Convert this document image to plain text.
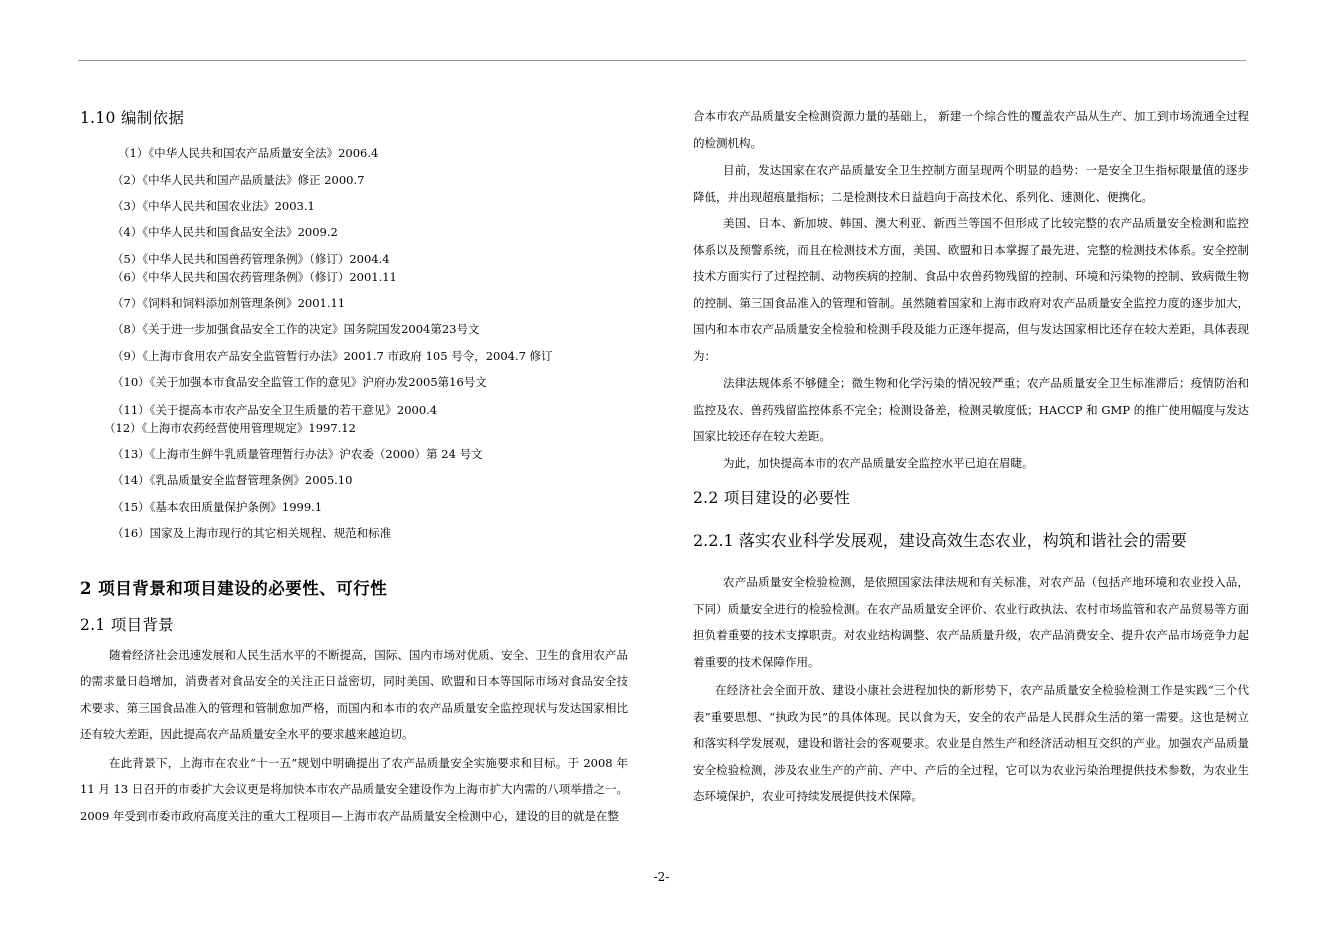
1.10 编制依据
（1）《中华人民共和国农产品质量安全法》2006.4
（2）《中华人民共和国产品质量法》修正 2000.7
（3）《中华人民共和国农业法》2003.1
（4）《中华人民共和国食品安全法》2009.2
（5）《中华人民共和国兽药管理条例》（修订）2004.4
（6）《中华人民共和国农药管理条例》（修订）2001.11
（7）《饲料和饲料添加剂管理条例》2001.11
（8）《关于进一步加强食品安全工作的决定》国务院国发2004第23号文
（9）《上海市食用农产品安全监管暂行办法》2001.7 市政府 105 号令，2004.7 修订
（10）《关于加强本市食品安全监管工作的意见》沪府办发2005第16号文
（11）《关于提高本市农产品安全卫生质量的若干意见》2000.4
（12）《上海市农药经营使用管理规定》1997.12
（13）《上海市生鲜牛乳质量管理暂行办法》沪农委（2000）第 24 号文
（14）《乳品质量安全监督管理条例》2005.10
（15）《基本农田质量保护条例》1999.1
（16）国家及上海市现行的其它相关规程、规范和标准
2 项目背景和项目建设的必要性、可行性
2.1 项目背景
随着经济社会迅速发展和人民生活水平的不断提高，国际、国内市场对优质、安全、卫生的食用农产品的需求量日趋增加，消费者对食品安全的关注正日益密切，同时美国、欧盟和日本等国际市场对食品安全技术要求、第三国食品准入的管理和管制愈加严格，而国内和本市的农产品质量安全监控现状与发达国家相比还有较大差距，因此提高农产品质量安全水平的要求越来越迫切。
在此背景下，上海市在农业“十一五”规划中明确提出了农产品质量安全实施要求和目标。于 2008 年 11 月 13 日召开的市委扩大会议更是将加快本市农产品质量安全建设作为上海市扩大内需的八项举措之一。2009 年受到市委市政府高度关注的重大工程项目—上海市农产品质量安全检测中心，建设的目的就是在整
合本市农产品质量安全检测资源力量的基础上， 新建一个综合性的覆盖农产品从生产、加工到市场流通全过程的检测机构。
目前，发达国家在农产品质量安全卫生控制方面呈现两个明显的趋势：一是安全卫生指标限量值的逐步降低，并出现超痕量指标；二是检测技术日益趋向于高技术化、系列化、速测化、便携化。
美国、日本、新加坡、韩国、澳大利亚、新西兰等国不但形成了比较完整的农产品质量安全检测和监控体系以及预警系统，而且在检测技术方面，美国、欧盟和日本掌握了最先进、完整的检测技术体系。安全控制技术方面实行了过程控制、动物疾病的控制、食品中农兽药物残留的控制、环境和污染物的控制、致病微生物的控制、第三国食品准入的管理和管制。虽然随着国家和上海市政府对农产品质量安全监控力度的逐步加大，国内和本市农产品质量安全检验和检测手段及能力正逐年提高，但与发达国家相比还存在较大差距，具体表现为：
法律法规体系不够健全；微生物和化学污染的情况较严重；农产品质量安全卫生标准滞后；疫情防治和监控及农、兽药残留监控体系不完全；检测设备差，检测灵敏度低；HACCP 和 GMP 的推广使用幅度与发达国家比较还存在较大差距。
为此，加快提高本市的农产品质量安全监控水平已迫在眉睫。
2.2 项目建设的必要性
2.2.1 落实农业科学发展观，建设高效生态农业，构筑和谐社会的需要
农产品质量安全检验检测，是依照国家法律法规和有关标准，对农产品（包括产地环境和农业投入品，下同）质量安全进行的检验检测。在农产品质量安全评价、农业行政执法、农村市场监管和农产品贸易等方面担负着重要的技术支撑职责。对农业结构调整、农产品质量升级，农产品消费安全、提升农产品市场竞争力起着重要的技术保障作用。
在经济社会全面开放、建设小康社会进程加快的新形势下，农产品质量安全检验检测工作是实践“三个代表”重要思想、“执政为民”的具体体现。民以食为天，安全的农产品是人民群众生活的第一需要。这也是树立和落实科学发展观，建设和谐社会的客观要求。农业是自然生产和经济活动相互交织的产业。加强农产品质量安全检验检测，涉及农业生产的产前、产中、产后的全过程，它可以为农业污染治理提供技术参数，为农业生态环境保护，农业可持续发展提供技术保障。
-2-
